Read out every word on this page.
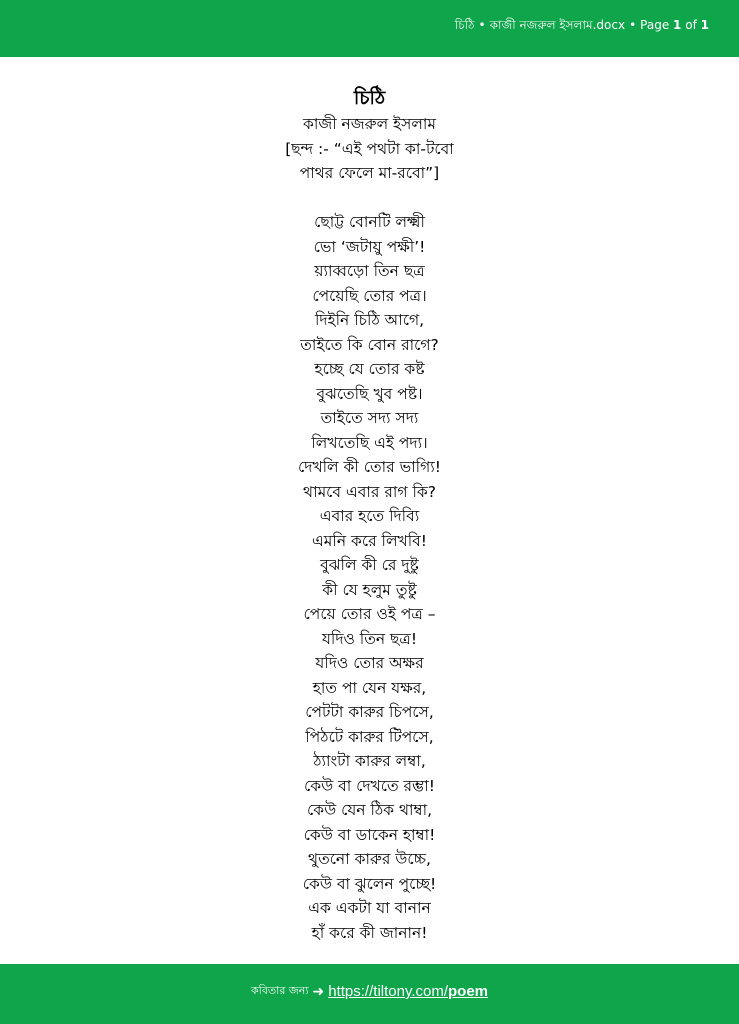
চিঠি • কাজী নজরুল ইসলাম.docx • Page 1 of 1
চিঠি
কাজী নজরুল ইসলাম
[ছন্দ :- “এই পথটা কা-টবো
পাথর ফেলে মা-রবো”]
ছোট্ট বোনটি লক্ষ্মী
ভো ‘জটায়ু পক্ষী’!
য়্যাব্বড়ো তিন ছত্র
পেয়েছি তোর পত্র।
দিইনি চিঠি আগে,
তাইতে কি বোন রাগে?
হচ্ছে যে তোর কষ্ট
বুঝতেছি খুব পষ্ট।
তাইতে সদ্য সদ্য
লিখতেছি এই পদ্য।
দেখলি কী তোর ভাগ্যি!
থামবে এবার রাগ কি?
এবার হতে দিব্যি
এমনি করে লিখবি!
বুঝলি কী রে দুষ্টু
কী যে হলুম তুষ্টু
পেয়ে তোর ওই পত্র –
যদিও তিন ছত্র!
যদিও তোর অক্ষর
হাত পা যেন যক্ষর,
পেটটা কারুর চিপসে,
পিঠটে কারুর টিপসে,
ঠ্যাংটা কারুর লম্বা,
কেউ বা দেখতে রম্ভা!
কেউ যেন ঠিক থাম্বা,
কেউ বা ডাকেন হাম্বা!
থুতনো কারুর উচ্চে,
কেউ বা ঝুলেন পুচ্ছে!
এক একটা যা বানান
হাঁ করে কী জানান!
কবিতার জন্য ➜ https://tiltony.com/poem
